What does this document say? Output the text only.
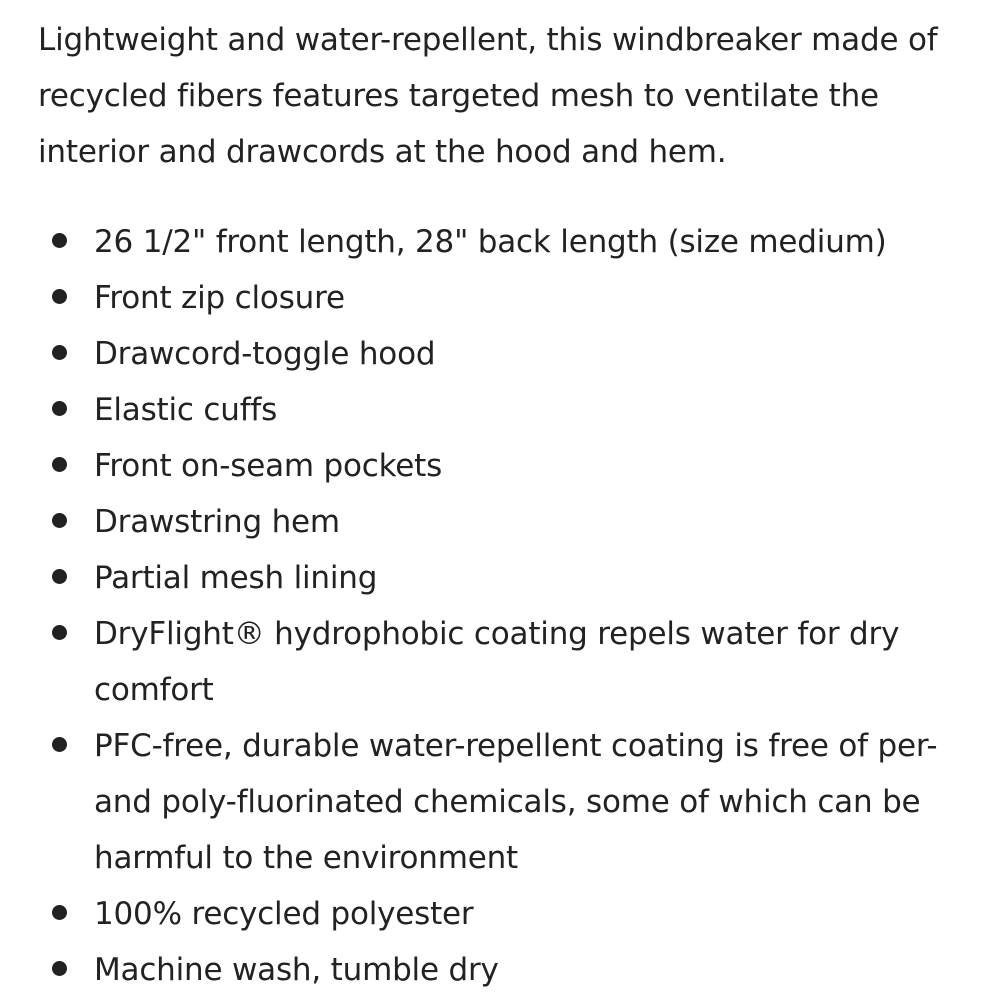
Lightweight and water-repellent, this windbreaker made of recycled fibers features targeted mesh to ventilate the interior and drawcords at the hood and hem.

26 1/2" front length, 28" back length (size medium)
Front zip closure
Drawcord-toggle hood
Elastic cuffs
Front on-seam pockets
Drawstring hem
Partial mesh lining
DryFlight® hydrophobic coating repels water for dry comfort
PFC-free, durable water-repellent coating is free of per- and poly-fluorinated chemicals, some of which can be harmful to the environment
100% recycled polyester
Machine wash, tumble dry
